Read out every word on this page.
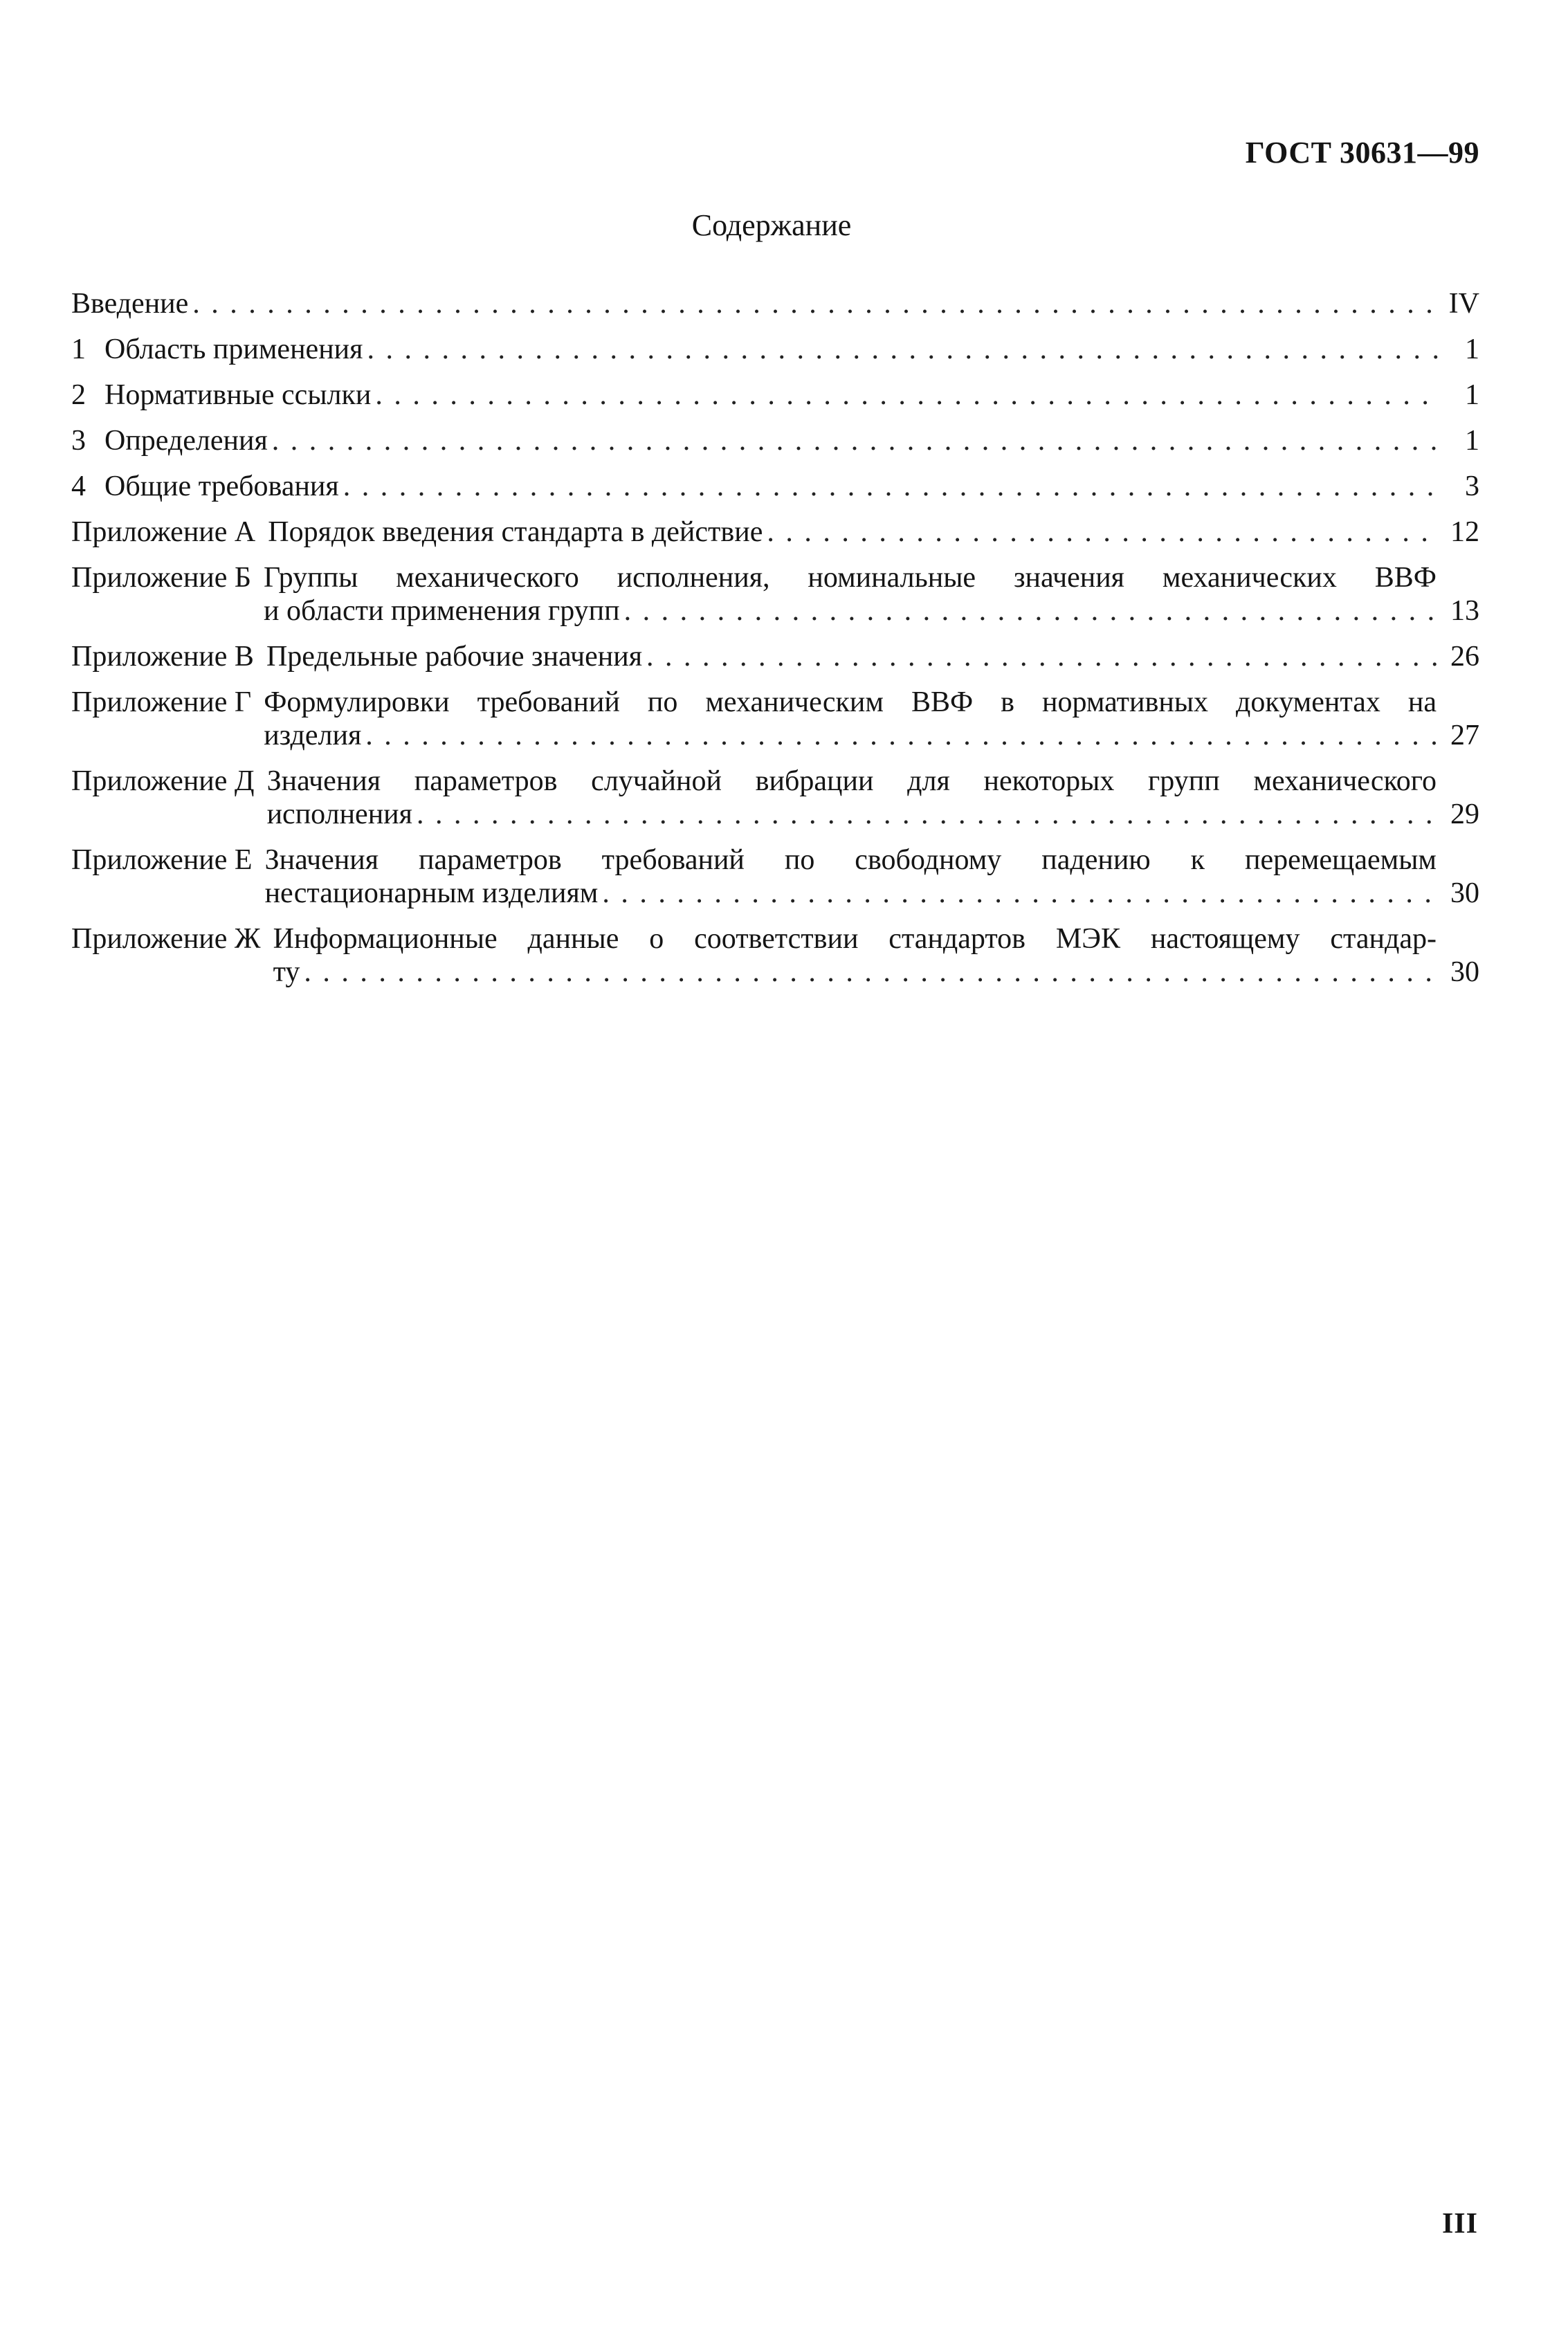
ГОСТ 30631—99
Содержание
Введение . . .	IV
1 Область применения . . .	1
2 Нормативные ссылки . . .	1
3 Определения . . .	1
4 Общие требования . . .	3
Приложение А Порядок введения стандарта в действие . . .	12
Приложение Б Группы механического исполнения, номинальные значения механических ВВФ
и области применения групп . . .	13
Приложение В Предельные рабочие значения . . .	26
Приложение Г Формулировки требований по механическим ВВФ в нормативных документах на
изделия . . .	27
Приложение Д Значения параметров случайной вибрации для некоторых групп механического
исполнения . . .	29
Приложение Е Значения параметров требований по свободному падению к перемещаемым
нестационарным изделиям . . .	30
Приложение Ж Информационные данные о соответствии стандартов МЭК настоящему стандар-
ту . . .	30
III
